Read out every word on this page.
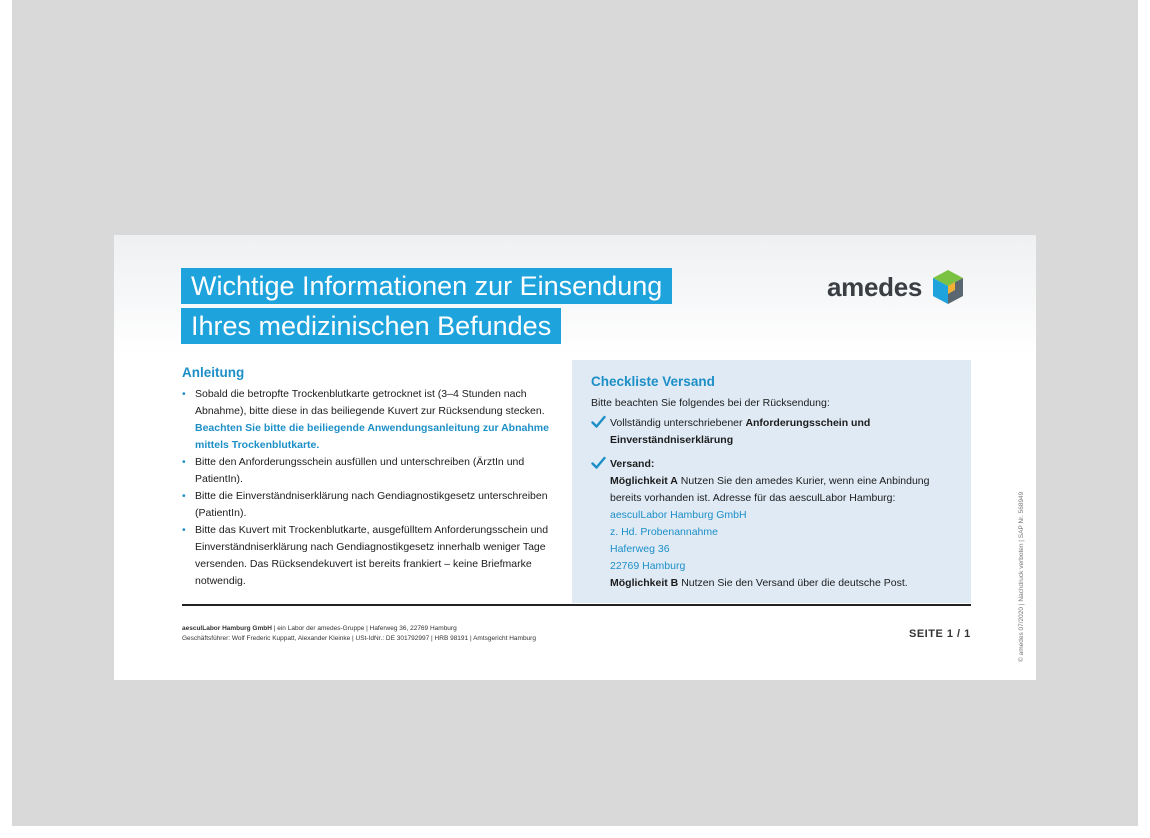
Wichtige Informationen zur Einsendung
Ihres medizinischen Befundes
amedes
Anleitung
• Sobald die betropfte Trockenblutkarte getrocknet ist (3–4 Stunden nach Abnahme), bitte diese in das beiliegende Kuvert zur Rücksendung stecken.
Beachten Sie bitte die beiliegende Anwendungsanleitung zur Abnahme mittels Trockenblutkarte.
• Bitte den Anforderungsschein ausfüllen und unterschreiben (ÄrztIn und PatientIn).
• Bitte die Einverständniserklärung nach Gendiagnostikgesetz unterschreiben (PatientIn).
• Bitte das Kuvert mit Trockenblutkarte, ausgefülltem Anforderungsschein und Einverständniserklärung nach Gendiagnostikgesetz innerhalb weniger Tage versenden. Das Rücksendekuvert ist bereits frankiert – keine Briefmarke notwendig.
Checkliste Versand
Bitte beachten Sie folgendes bei der Rücksendung:
Vollständig unterschriebener Anforderungsschein und Einverständniserklärung
Versand:
Möglichkeit A Nutzen Sie den amedes Kurier, wenn eine Anbindung bereits vorhanden ist. Adresse für das aesculLabor Hamburg:
aesculLabor Hamburg GmbH
z. Hd. Probenannahme
Haferweg 36
22769 Hamburg
Möglichkeit B Nutzen Sie den Versand über die deutsche Post.
aesculLabor Hamburg GmbH | ein Labor der amedes-Gruppe | Haferweg 36, 22769 Hamburg
Geschäftsführer: Wolf Frederic Kuppatt, Alexander Kleinke | USt-IdNr.: DE 301792997 | HRB 98191 | Amtsgericht Hamburg	SEITE 1 / 1	© amedes 07/2020 | Nachdruck verboten | SAP Nr. 568949
